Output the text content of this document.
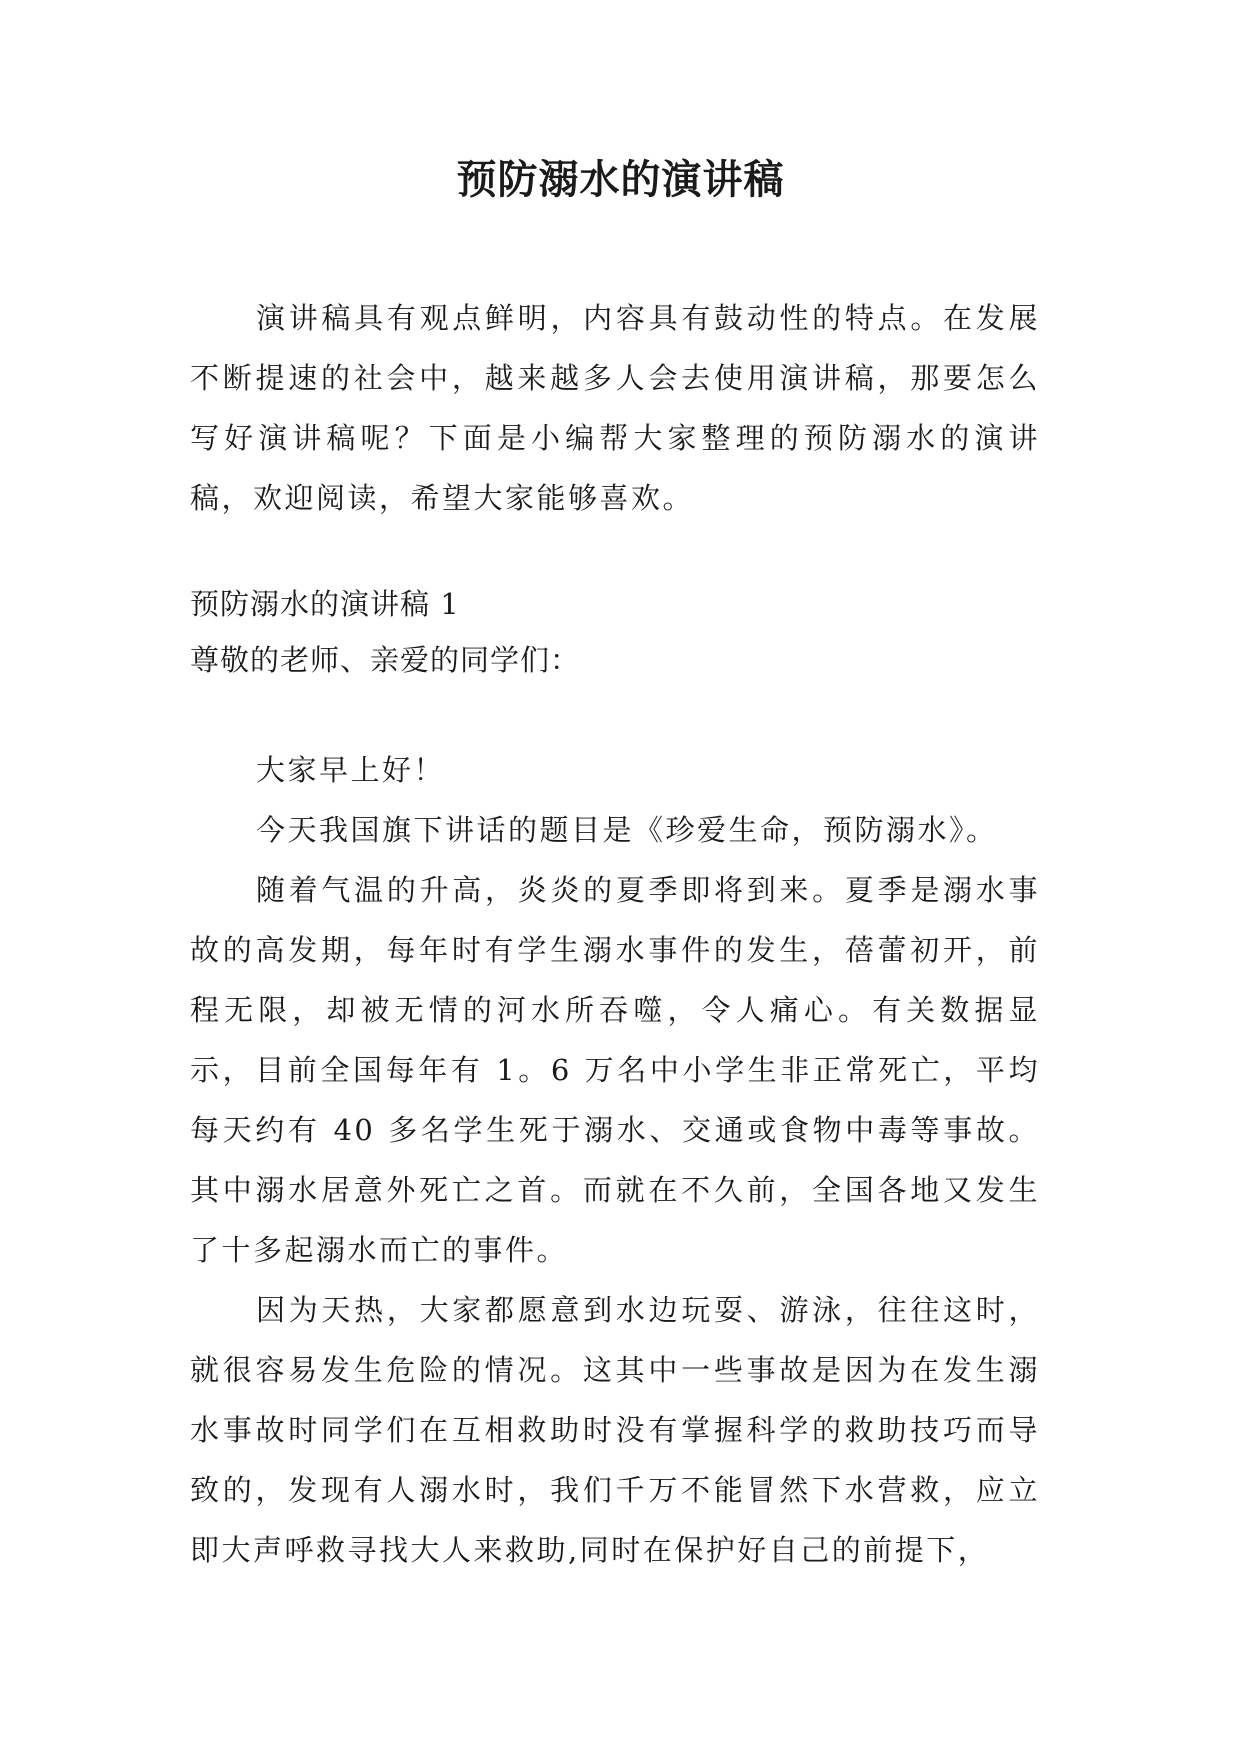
预防溺水的演讲稿

演讲稿具有观点鲜明，内容具有鼓动性的特点。在发展不断提速的社会中，越来越多人会去使用演讲稿，那要怎么写好演讲稿呢？下面是小编帮大家整理的预防溺水的演讲稿，欢迎阅读，希望大家能够喜欢。

预防溺水的演讲稿 1

尊敬的老师、亲爱的同学们：

大家早上好！

今天我国旗下讲话的题目是《珍爱生命，预防溺水》。

随着气温的升高，炎炎的夏季即将到来。夏季是溺水事故的高发期，每年时有学生溺水事件的发生，蓓蕾初开，前程无限，却被无情的河水所吞噬，令人痛心。有关数据显示，目前全国每年有 1。6 万名中小学生非正常死亡，平均每天约有 40 多名学生死于溺水、交通或食物中毒等事故。其中溺水居意外死亡之首。而就在不久前，全国各地又发生了十多起溺水而亡的事件。

因为天热，大家都愿意到水边玩耍、游泳，往往这时，就很容易发生危险的情况。这其中一些事故是因为在发生溺水事故时同学们在互相救助时没有掌握科学的救助技巧而导致的，发现有人溺水时，我们千万不能冒然下水营救，应立即大声呼救寻找大人来救助,同时在保护好自己的前提下，
